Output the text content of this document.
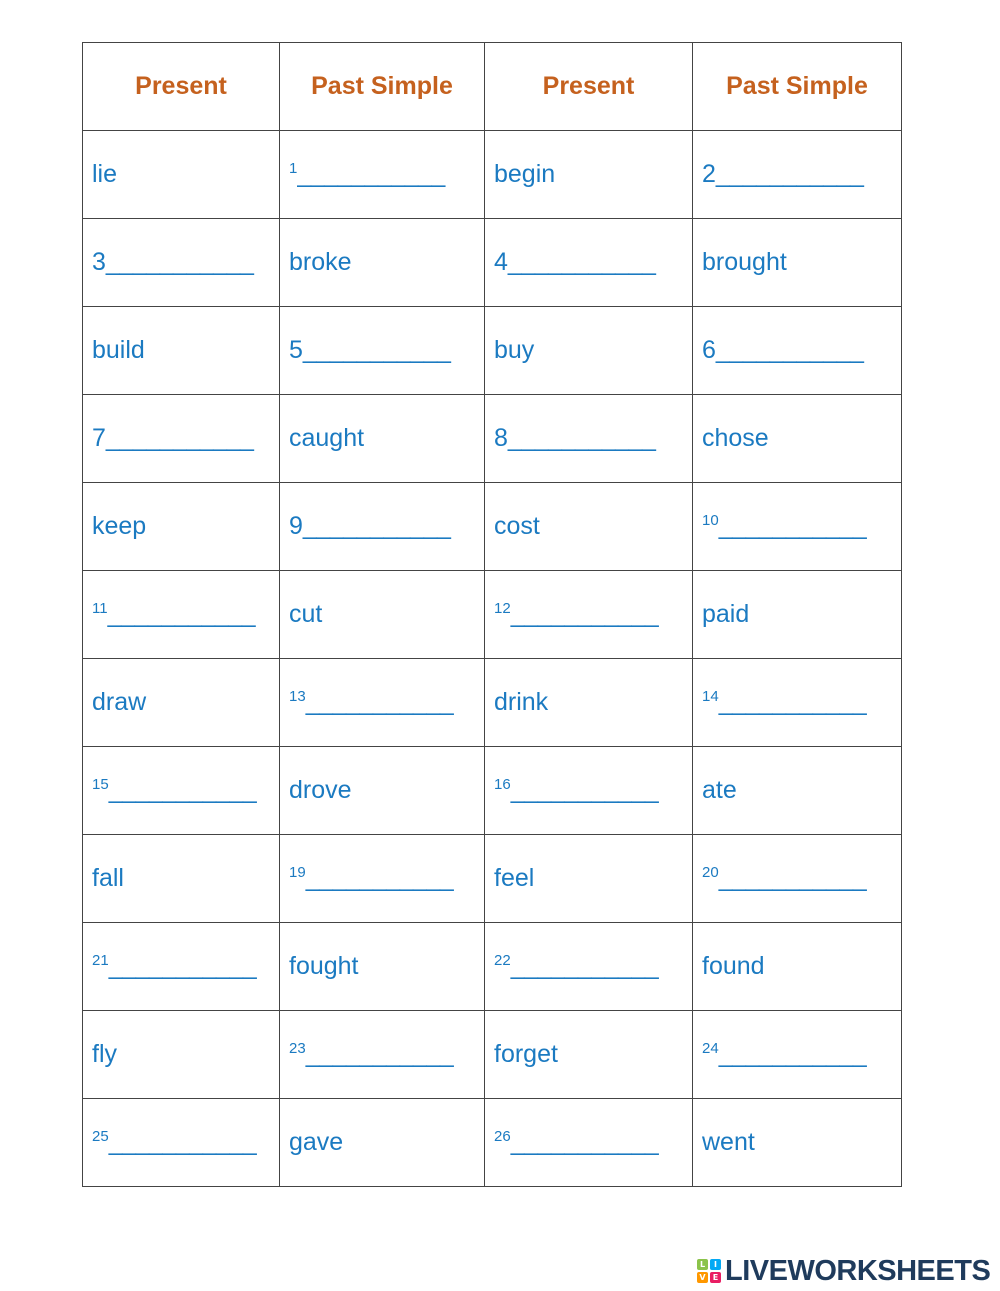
Present	Past Simple	Present	Past Simple
lie	$^1$___________	begin	2___________
3___________	broke	4___________	brought
build	5___________	buy	6___________
7___________	caught	8___________	chose
keep	9___________	cost	$^{10}$___________
$^{11}$___________	cut	$^{12}$___________	paid
draw	$^{13}$___________	drink	$^{14}$___________
$^{15}$___________	drove	$^{16}$___________	ate
fall	$^{19}$___________	feel	$^{20}$___________
$^{21}$___________	fought	$^{22}$___________	found
fly	$^{23}$___________	forget	$^{24}$___________
$^{25}$___________	gave	$^{26}$___________	went
L	I
V E LIVEWORKSHEETS
